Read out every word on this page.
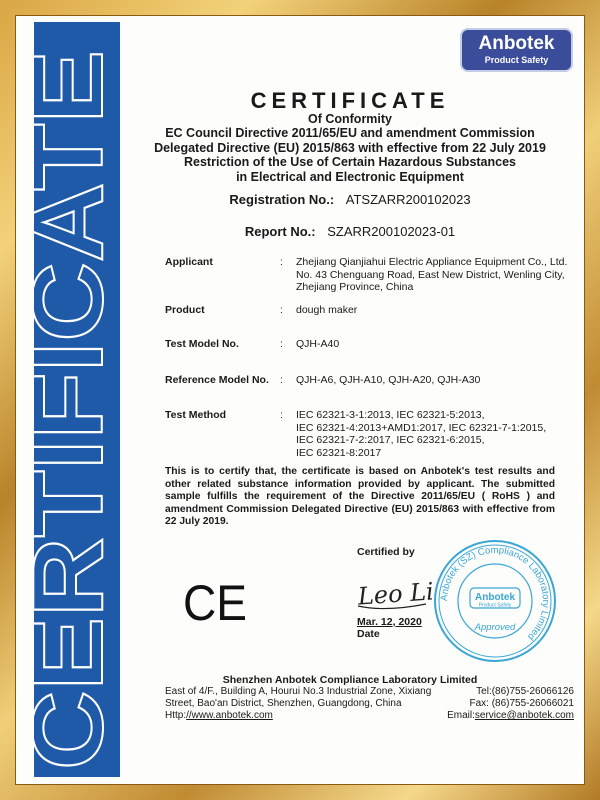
CERTIFICATE
Anbotek
Product Safety
CERTIFICATE
Of Conformity
EC Council Directive 2011/65/EU and amendment Commission
Delegated Directive (EU) 2015/863 with effective from 22 July 2019
Restriction of the Use of Certain Hazardous Substances
in Electrical and Electronic Equipment
Registration No.: ATSZARR200102023
Report No.: SZARR200102023-01
Applicant	: Zhejiang Qianjiahui Electric Appliance Equipment Co., Ltd.
No. 43 Chenguang Road, East New District, Wenling City,
Zhejiang Province, China
Product	: dough maker
Test Model No.	: QJH-A40
Reference Model No. : QJH-A6, QJH-A10, QJH-A20, QJH-A30
Test Method	: IEC 62321-3-1:2013, IEC 62321-5:2013,
IEC 62321-4:2013+AMD1:2017, IEC 62321-7-1:2015,
IEC 62321-7-2:2017, IEC 62321-6:2015,
IEC 62321-8:2017
This is to certify that, the certificate is based on Anbotek's test results and other related substance information provided by applicant. The submitted sample fulfills the requirement of the Directive 2011/65/EU ( RoHS ) and amendment Commission Delegated Directive (EU) 2015/863 with effective from 22 July 2019.
Certified by
Leo Li
Mar. 12, 2020
Date
CE	Anbotek (SZ) Compliance Laboratory Limited
Anbotek
Product Safety
Approved
Shenzhen Anbotek Compliance Laboratory Limited
East of 4/F., Building A, Hourui No.3 Industrial Zone, Xixiang
Street, Bao'an District, Shenzhen, Guangdong, China
Http://www.anbotek.com
Tel:(86)755-26066126
Fax: (86)755-26066021
Email:service@anbotek.com
